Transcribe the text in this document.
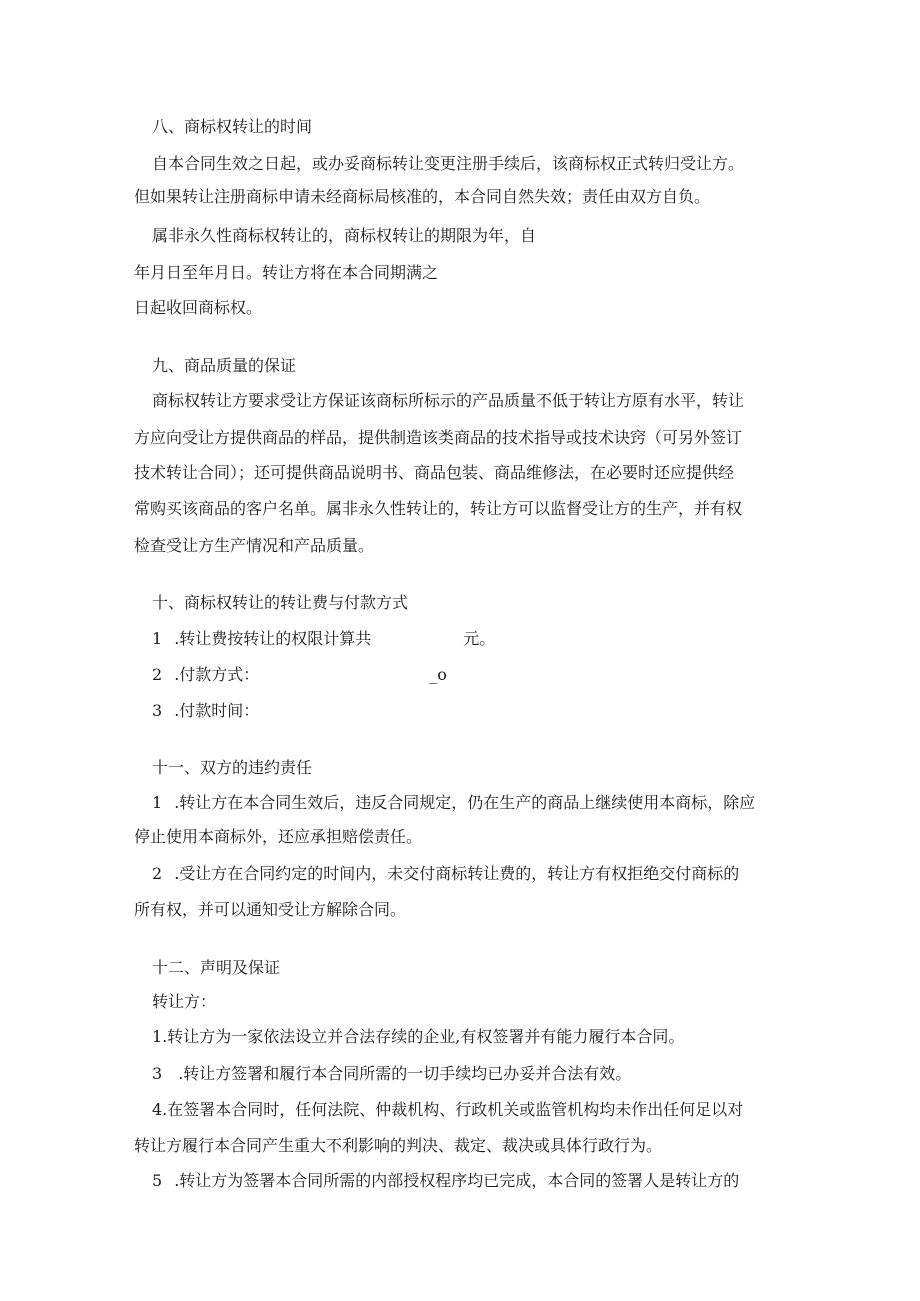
八、商标权转让的时间
自本合同生效之日起，或办妥商标转让变更注册手续后，该商标权正式转归受让方。
但如果转让注册商标申请未经商标局核准的，本合同自然失效；责任由双方自负。
属非永久性商标权转让的，商标权转让的期限为年，自
年月日至年月日。转让方将在本合同期满之
日起收回商标权。
九、商品质量的保证
商标权转让方要求受让方保证该商标所标示的产品质量不低于转让方原有水平，转让
方应向受让方提供商品的样品，提供制造该类商品的技术指导或技术诀窍（可另外签订
技术转让合同）；还可提供商品说明书、商品包装、商品维修法，在必要时还应提供经
常购买该商品的客户名单。属非永久性转让的，转让方可以监督受让方的生产，并有权
检查受让方生产情况和产品质量。
十、商标权转让的转让费与付款方式
1 .转让费按转让的权限计算共	元。
2 .付款方式：	_o
3 .付款时间：
十一、双方的违约责任
1 .转让方在本合同生效后，违反合同规定，仍在生产的商品上继续使用本商标，除应
停止使用本商标外，还应承担赔偿责任。
2 .受让方在合同约定的时间内，未交付商标转让费的，转让方有权拒绝交付商标的
所有权，并可以通知受让方解除合同。
十二、声明及保证
转让方：
1.转让方为一家依法设立并合法存续的企业,有权签署并有能力履行本合同。
3 .转让方签署和履行本合同所需的一切手续均已办妥并合法有效。
4.在签署本合同时，任何法院、仲裁机构、行政机关或监管机构均未作出任何足以对
转让方履行本合同产生重大不利影响的判决、裁定、裁决或具体行政行为。
5 .转让方为签署本合同所需的内部授权程序均已完成，本合同的签署人是转让方的
